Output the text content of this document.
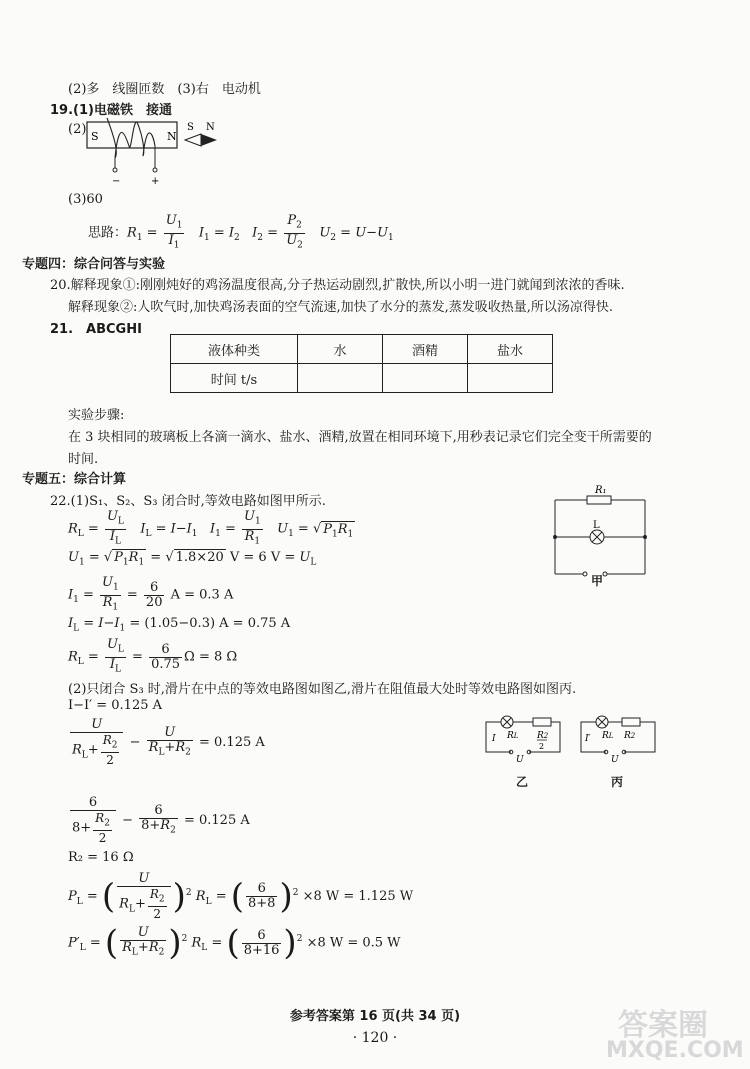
(2)多　线圈匝数　(3)右　电动机
19.(1)电磁铁　接通
(2) S	N
−	+
S N
(3)60
思路：$R_1 = \frac{U_1}{I_1} I_1 = I_2$ $I_2 = \frac{P_2}{U_2} U_2 = U-U_1$
专题四：综合问答与实验
20.解释现象①:刚刚炖好的鸡汤温度很高,分子热运动剧烈,扩散快,所以小明一进门就闻到浓浓的香味.
解释现象②:人吹气时,加快鸡汤表面的空气流速,加快了水分的蒸发,蒸发吸收热量,所以汤凉得快.
21.　ABCGHI
液体种类	水	酒精	盐水
时间 t/s			
实验步骤:
在 3 块相同的玻璃板上各滴一滴水、盐水、酒精,放置在相同环境下,用秒表记录它们完全变干所需要的
时间.
专题五：综合计算
22.(1)S₁、S₂、S₃ 闭合时,等效电路如图甲所示.
$R_L = \frac{U_L}{I_L} I_L = I-I_1$ $I_1 = \frac{U_1}{R_1} U_1$ = √ $P_1R_1$
$U_1$ = √ $P_1R_1$ = √ 1.8×20 V = 6 $V = U_L$
$I_1 = \frac{U_1}{R_1} = \frac{6}{20}$ A = 0.3 A
$I_L = I-I_1 = (1.05-0.3) A = 0.75$ A
$R_L = \frac{U_L}{I_L} = \frac{6}{0.75}$ Ω = 8 Ω
R₁
L
甲
(2)只闭合 S₃ 时,滑片在中点的等效电路图如图乙,滑片在阻值最大处时等效电路图如图丙.
I−I′ = 0.125 A
$\frac{U}{R_L+ \frac{R_2}{2}} - \frac{U}{R_L+R_2} = 0.125$ A	RL R2
2
I
U
乙
RL R2
I′
U
丙
$\frac{6}{8+ \frac{R_2}{2}} - \frac{6}{8+R_2} = 0.125$ A
R₂ = 16 Ω
$P_L$ = ( $\frac{U}{R_L+ \frac{R_2}{2}} )^2$ $R_L$ = ( $\frac{6}{8+8} )^2 \times 8$ W = 1.125 W
$P'_L$ = ( $\frac{U}{R_L+R_2} )^2$ $R_L$ = ( $\frac{6}{8+16} )^2 \times 8$ W = 0.5 W
参考答案第 16 页(共 34 页)
· 120 ·	答案圈
MXQE.COM
